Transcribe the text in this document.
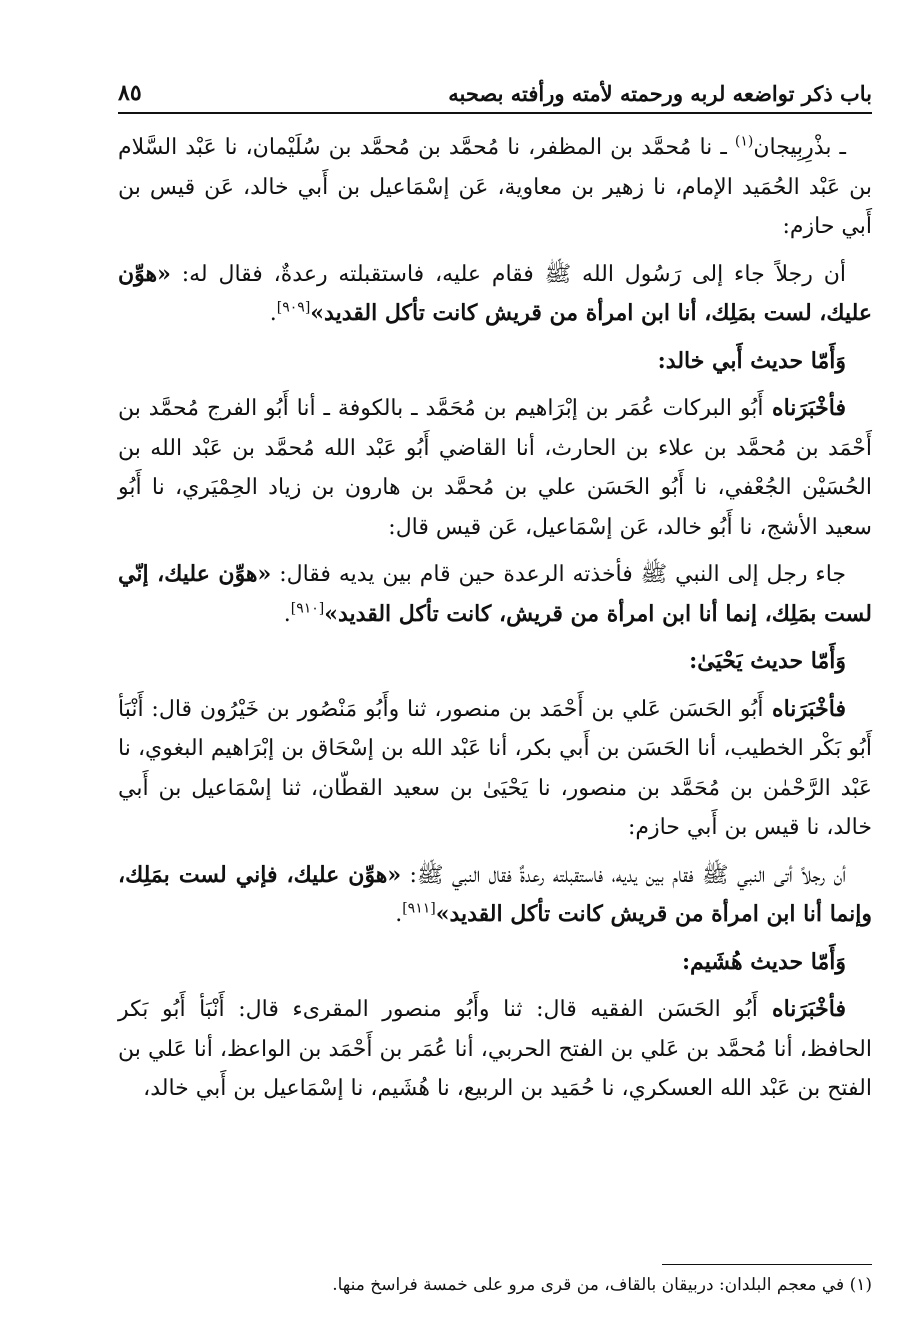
باب ذكر تواضعه لربه ورحمته لأمته ورأفته بصحبه
٨٥

ـ بذْرِبِيجان$^{(١)}$ ـ نا مُحمَّد بن المظفر، نا مُحمَّد بن مُحمَّد بن سُلَيْمان، نا عَبْد السَّلام بن عَبْد الحُمَيد الإمام، نا زهير بن معاوية، عَن إسْمَاعيل بن أَبي خالد، عَن قيس بن أَبي حازم:

أن رجلاً جاء إلى رَسُول الله ﷺ فقام عليه، فاستقبلته رعدةٌ، فقال له: «هوِّن عليك، لست بمَلِك، أنا ابن امرأة من قريش كانت تأكل القديد»[٩٠٩].

وَأَمّا حديث أَبي خالد:

فأخْبَرَناه أَبُو البركات عُمَر بن إبْرَاهيم بن مُحَمَّد ـ بالكوفة ـ أنا أَبُو الفرج مُحمَّد بن أَحْمَد بن مُحمَّد بن علاء بن الحارث، أنا القاضي أَبُو عَبْد الله مُحمَّد بن عَبْد الله بن الحُسَيْن الجُعْفي، نا أَبُو الحَسَن علي بن مُحمَّد بن هارون بن زياد الحِمْيَري، نا أَبُو سعيد الأشج، نا أَبُو خالد، عَن إسْمَاعيل، عَن قيس قال:

جاء رجل إلى النبي ﷺ فأخذته الرعدة حين قام بين يديه فقال: «هوِّن عليك، إنّي لست بمَلِك، إنما أنا ابن امرأة من قريش، كانت تأكل القديد»[٩١٠].

وَأَمّا حديث يَحْيَىٰ:

فأخْبَرَناه أَبُو الحَسَن عَلي بن أَحْمَد بن منصور، ثنا وأَبُو مَنْصُور بن خَيْرُون قال: أَنْبَأ أَبُو بَكْر الخطيب، أنا الحَسَن بن أَبي بكر، أنا عَبْد الله بن إسْحَاق بن إبْرَاهيم البغوي، نا عَبْد الرَّحْمٰن بن مُحَمَّد بن منصور، نا يَحْيَىٰ بن سعيد القطّان، ثنا إسْمَاعيل بن أَبي خالد، نا قيس بن أَبي حازم:

أن رجلاً أتى النبي ﷺ فقام بين يديه، فاستقبلته رعدةٌ فقال النبي ﷺ: «هوِّن عليك، فإني لست بمَلِك، وإنما أنا ابن امرأة من قريش كانت تأكل القديد»[٩١١].

وَأَمّا حديث هُشَيم:

فأخْبَرَناه أَبُو الحَسَن الفقيه قال: ثنا وأَبُو منصور المقرىء قال: أَنْبَأ أَبُو بَكر الحافظ، أنا مُحمَّد بن عَلي بن الفتح الحربي، أنا عُمَر بن أَحْمَد بن الواعظ، أنا عَلي بن الفتح بن عَبْد الله العسكري، نا حُمَيد بن الربيع، نا هُشَيم، نا إسْمَاعيل بن أَبي خالد،

(١) في معجم البلدان: دربيقان بالقاف، من قرى مرو على خمسة فراسخ منها.
